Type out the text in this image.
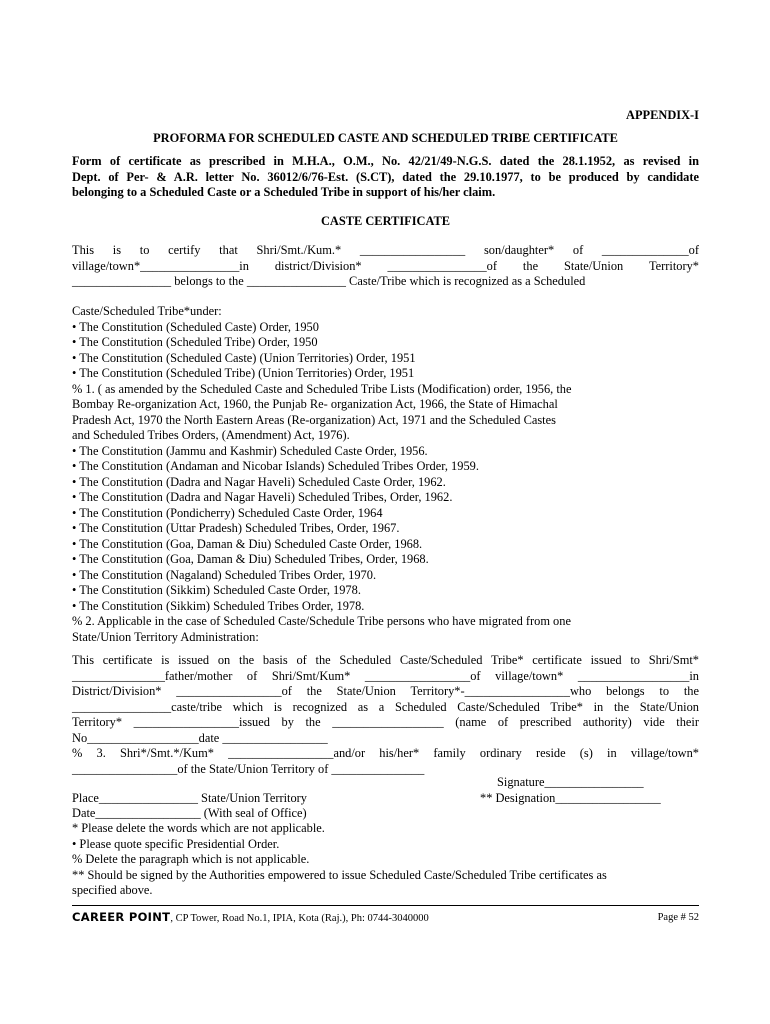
APPENDIX-I
PROFORMA FOR SCHEDULED CASTE AND SCHEDULED TRIBE CERTIFICATE
Form of certificate as prescribed in M.H.A., O.M., No. 42/21/49-N.G.S. dated the 28.1.1952, as revised in
Dept. of Per- & A.R. letter No. 36012/6/76-Est. (S.CT), dated the 29.10.1977, to be produced by candidate
belonging to a Scheduled Caste or a Scheduled Tribe in support of his/her claim.
CASTE CERTIFICATE
This is to certify that Shri/Smt./Kum.* _________________ son/daughter* of ______________of
village/town*________________in district/Division* ________________of the State/Union Territory*
________________ belongs to the ________________ Caste/Tribe which is recognized as a Scheduled
Caste/Scheduled Tribe*under:
• The Constitution (Scheduled Caste) Order, 1950
• The Constitution (Scheduled Tribe) Order, 1950
• The Constitution (Scheduled Caste) (Union Territories) Order, 1951
• The Constitution (Scheduled Tribe) (Union Territories) Order, 1951
% 1. ( as amended by the Scheduled Caste and Scheduled Tribe Lists (Modification) order, 1956, the
Bombay Re-organization Act, 1960, the Punjab Re- organization Act, 1966, the State of Himachal
Pradesh Act, 1970 the North Eastern Areas (Re-organization) Act, 1971 and the Scheduled Castes
and Scheduled Tribes Orders, (Amendment) Act, 1976).
• The Constitution (Jammu and Kashmir) Scheduled Caste Order, 1956.
• The Constitution (Andaman and Nicobar Islands) Scheduled Tribes Order, 1959.
• The Constitution (Dadra and Nagar Haveli) Scheduled Caste Order, 1962.
• The Constitution (Dadra and Nagar Haveli) Scheduled Tribes, Order, 1962.
• The Constitution (Pondicherry) Scheduled Caste Order, 1964
• The Constitution (Uttar Pradesh) Scheduled Tribes, Order, 1967.
• The Constitution (Goa, Daman & Diu) Scheduled Caste Order, 1968.
• The Constitution (Goa, Daman & Diu) Scheduled Tribes, Order, 1968.
• The Constitution (Nagaland) Scheduled Tribes Order, 1970.
• The Constitution (Sikkim) Scheduled Caste Order, 1978.
• The Constitution (Sikkim) Scheduled Tribes Order, 1978.
% 2. Applicable in the case of Scheduled Caste/Schedule Tribe persons who have migrated from one
State/Union Territory Administration:
This certificate is issued on the basis of the Scheduled Caste/Scheduled Tribe* certificate issued to Shri/Smt*
_______________father/mother of Shri/Smt/Kum* _________________of village/town* __________________in
District/Division* _________________of the State/Union Territory*-_________________who belongs to the
________________caste/tribe which is recognized as a Scheduled Caste/Scheduled Tribe* in the State/Union
Territory* _________________issued by the __________________ (name of prescribed authority) vide their
No__________________date _________________
% 3. Shri*/Smt.*/Kum* _________________and/or his/her* family ordinary reside (s) in village/town*
_________________of the State/Union Territory of _______________
Signature________________
Place________________ State/Union Territory	** Designation_________________
Date_________________ (With seal of Office)
* Please delete the words which are not applicable.
• Please quote specific Presidential Order.
% Delete the paragraph which is not applicable.
** Should be signed by the Authorities empowered to issue Scheduled Caste/Scheduled Tribe certificates as
specified above.
CAREER POINT, CP Tower, Road No.1, IPIA, Kota (Raj.), Ph: 0744-3040000	Page # 52
